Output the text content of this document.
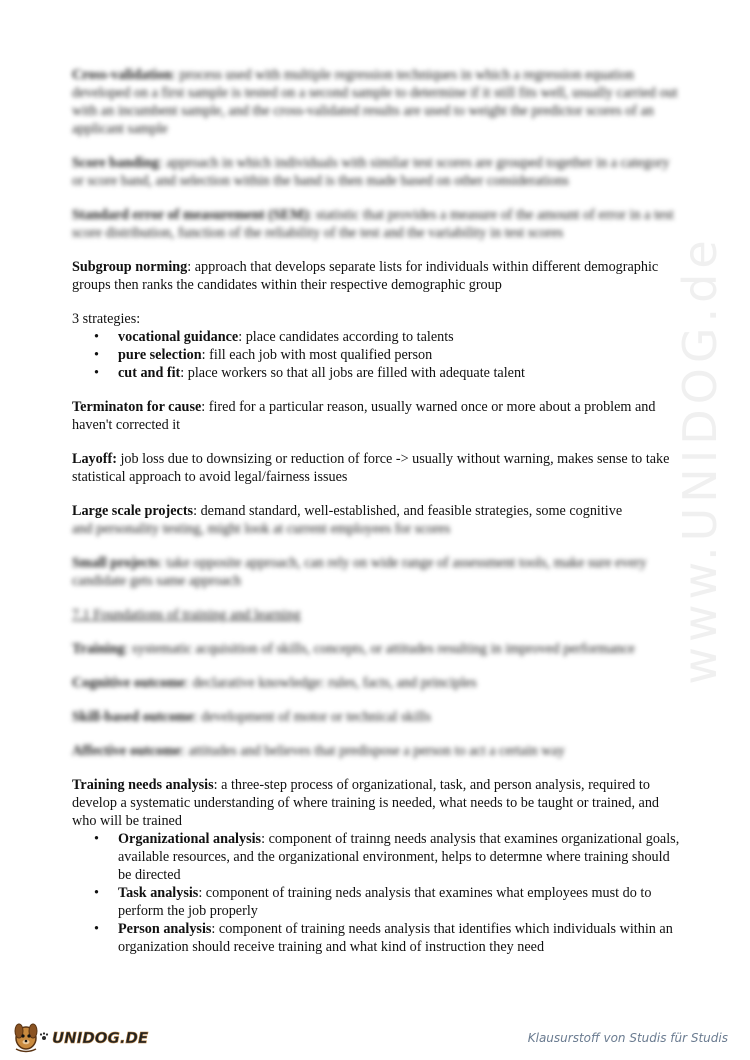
www.UNIDOG.de

Cross-validation: process used with multiple regression techniques in which a regression equation developed on a first sample is tested on a second sample to determine if it still fits well, usually carried out with an incumbent sample, and the cross-validated results are used to weight the predictor scores of an applicant sample

Score banding: approach in which individuals with similar test scores are grouped together in a category or score band, and selection within the band is then made based on other considerations

Standard error of measurement (SEM): statistic that provides a measure of the amount of error in a test score distribution, function of the reliability of the test and the variability in test scores

Subgroup norming: approach that develops separate lists for individuals within different demographic groups then ranks the candidates within their respective demographic group

3 strategies:

• vocational guidance: place candidates according to talents
• pure selection: fill each job with most qualified person
• cut and fit: place workers so that all jobs are filled with adequate talent

Terminaton for cause: fired for a particular reason, usually warned once or more about a problem and haven't corrected it

Layoff: job loss due to downsizing or reduction of force -> usually without warning, makes sense to take statistical approach to avoid legal/fairness issues

Large scale projects: demand standard, well-established, and feasible strategies, some cognitive

and personality testing, might look at current employees for scores

Small projects: take opposite approach, can rely on wide range of assessment tools, make sure every candidate gets same approach

7.1 Foundations of training and learning

Training: systematic acquisition of skills, concepts, or attitudes resulting in improved performance

Cognitive outcome: declarative knowledge: rules, facts, and principles

Skill-based outcome: development of motor or technical skills

Affective outcome: attitudes and believes that predispose a person to act a certain way

Training needs analysis: a three-step process of organizational, task, and person analysis, required to develop a systematic understanding of where training is needed, what needs to be taught or trained, and who will be trained

• Organizational analysis: component of trainng needs analysis that examines organizational goals, available resources, and the organizational environment, helps to determne where training should be directed
• Task analysis: component of training neds analysis that examines what employees must do to perform the job properly
• Person analysis: component of training needs analysis that identifies which individuals within an organization should receive training and what kind of instruction they need
UNIDOG.DE	Klausurstoff von Studis für Studis
